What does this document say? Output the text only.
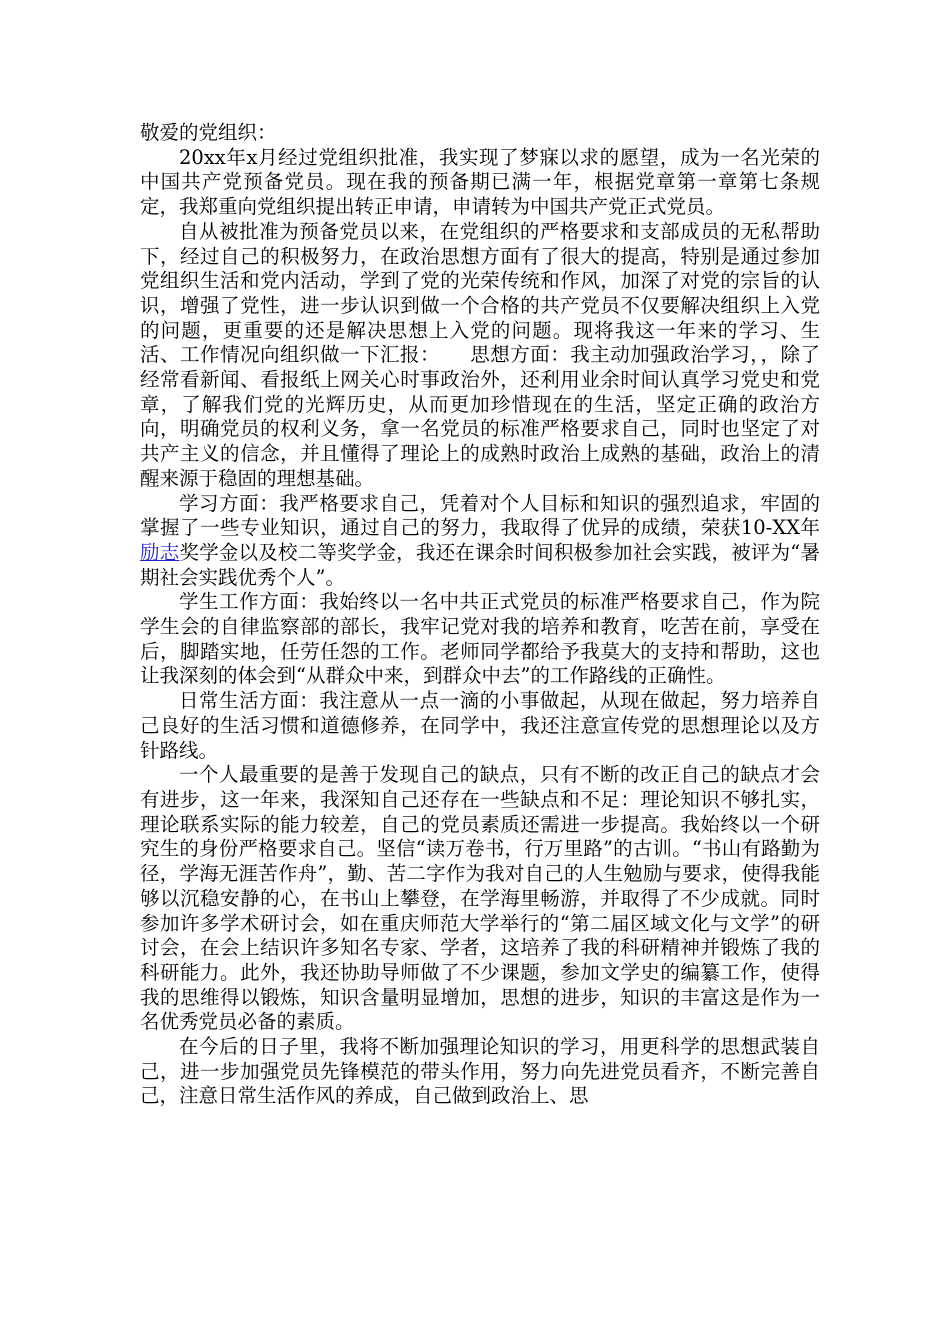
敬爱的党组织：

20xx年x月经过党组织批准，我实现了梦寐以求的愿望，成为一名光荣的中国共产党预备党员。现在我的预备期已满一年，根据党章第一章第七条规定，我郑重向党组织提出转正申请，申请转为中国共产党正式党员。

自从被批准为预备党员以来，在党组织的严格要求和支部成员的无私帮助下，经过自己的积极努力，在政治思想方面有了很大的提高，特别是通过参加党组织生活和党内活动，学到了党的光荣传统和作风，加深了对党的宗旨的认识，增强了党性，进一步认识到做一个合格的共产党员不仅要解决组织上入党的问题，更重要的还是解决思想上入党的问题。现将我这一年来的学习、生活、工作情况向组织做一下汇报：　　思想方面：我主动加强政治学习，，除了经常看新闻、看报纸上网关心时事政治外，还利用业余时间认真学习党史和党章，了解我们党的光辉历史，从而更加珍惜现在的生活，坚定正确的政治方向，明确党员的权利义务，拿一名党员的标准严格要求自己，同时也坚定了对共产主义的信念，并且懂得了理论上的成熟时政治上成熟的基础，政治上的清醒来源于稳固的理想基础。

学习方面：我严格要求自己，凭着对个人目标和知识的强烈追求，牢固的掌握了一些专业知识，通过自己的努力，我取得了优异的成绩，荣获10-XX年励志奖学金以及校二等奖学金，我还在课余时间积极参加社会实践，被评为“暑期社会实践优秀个人”。

学生工作方面：我始终以一名中共正式党员的标准严格要求自己，作为院学生会的自律监察部的部长，我牢记党对我的培养和教育，吃苦在前，享受在后，脚踏实地，任劳任怨的工作。老师同学都给予我莫大的支持和帮助，这也让我深刻的体会到“从群众中来，到群众中去”的工作路线的正确性。

日常生活方面：我注意从一点一滴的小事做起，从现在做起，努力培养自己良好的生活习惯和道德修养，在同学中，我还注意宣传党的思想理论以及方针路线。

一个人最重要的是善于发现自己的缺点，只有不断的改正自己的缺点才会有进步，这一年来，我深知自己还存在一些缺点和不足：理论知识不够扎实，理论联系实际的能力较差，自己的党员素质还需进一步提高。我始终以一个研究生的身份严格要求自己。坚信“读万卷书，行万里路”的古训。“书山有路勤为径，学海无涯苦作舟”，勤、苦二字作为我对自己的人生勉励与要求，使得我能够以沉稳安静的心，在书山上攀登，在学海里畅游，并取得了不少成就。同时参加许多学术研讨会，如在重庆师范大学举行的“第二届区域文化与文学”的研讨会，在会上结识许多知名专家、学者，这培养了我的科研精神并锻炼了我的科研能力。此外，我还协助导师做了不少课题，参加文学史的编纂工作，使得我的思维得以锻炼，知识含量明显增加，思想的进步，知识的丰富这是作为一名优秀党员必备的素质。

在今后的日子里，我将不断加强理论知识的学习，用更科学的思想武装自己，进一步加强党员先锋模范的带头作用，努力向先进党员看齐，不断完善自己，注意日常生活作风的养成，自己做到政治上、思
